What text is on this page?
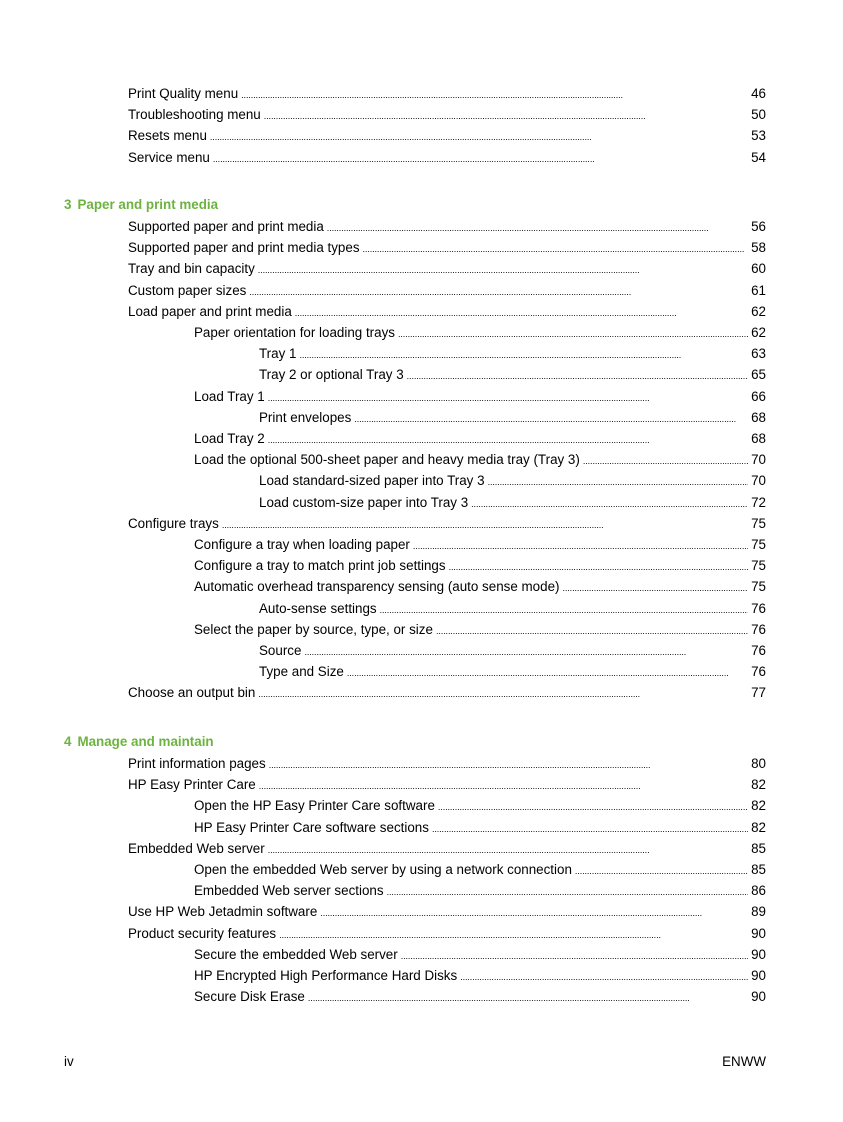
Print Quality menu . . .	46
Troubleshooting menu . . .	50
Resets menu . . .	53
Service menu . . .	54
3 Paper and print media
Supported paper and print media . . .	56
Supported paper and print media types . . .	58
Tray and bin capacity . . .	60
Custom paper sizes . . .	61
Load paper and print media . . .	62
Paper orientation for loading trays . . .	62
Tray 1 . . .	63
Tray 2 or optional Tray 3 . . .	65
Load Tray 1 . . .	66
Print envelopes . . .	68
Load Tray 2 . . .	68
Load the optional 500-sheet paper and heavy media tray (Tray 3) . . .	70
Load standard-sized paper into Tray 3 . . .	70
Load custom-size paper into Tray 3 . . .	72
Configure trays . . .	75
Configure a tray when loading paper . . .	75
Configure a tray to match print job settings . . .	75
Automatic overhead transparency sensing (auto sense mode) . . .	75
Auto-sense settings . . .	76
Select the paper by source, type, or size . . .	76
Source . . .	76
Type and Size . . .	76
Choose an output bin . . .	77
4 Manage and maintain
Print information pages . . .	80
HP Easy Printer Care . . .	82
Open the HP Easy Printer Care software . . .	82
HP Easy Printer Care software sections . . .	82
Embedded Web server . . .	85
Open the embedded Web server by using a network connection . . .	85
Embedded Web server sections . . .	86
Use HP Web Jetadmin software . . .	89
Product security features . . .	90
Secure the embedded Web server . . .	90
HP Encrypted High Performance Hard Disks . . .	90
Secure Disk Erase . . .	90
iv	ENWW
